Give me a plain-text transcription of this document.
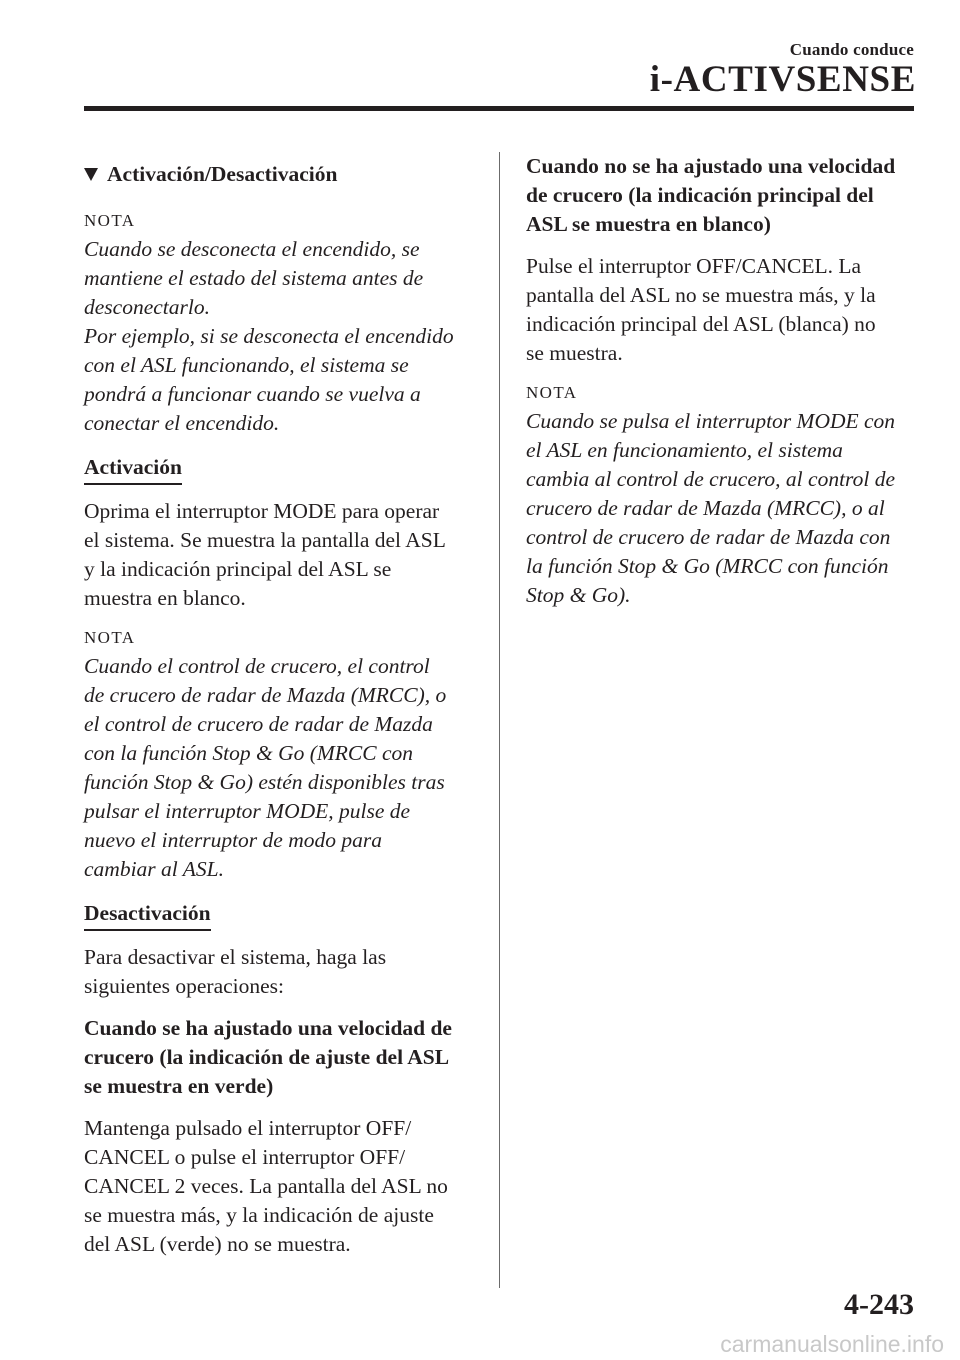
Cuando conduce
i-ACTIVSENSE
Activación/Desactivación
NOTA
Cuando se desconecta el encendido, se
mantiene el estado del sistema antes de
desconectarlo.
Por ejemplo, si se desconecta el encendido
con el ASL funcionando, el sistema se
pondrá a funcionar cuando se vuelva a
conectar el encendido.
Activación
Oprima el interruptor MODE para operar
el sistema. Se muestra la pantalla del ASL
y la indicación principal del ASL se
muestra en blanco.
NOTA
Cuando el control de crucero, el control
de crucero de radar de Mazda (MRCC), o
el control de crucero de radar de Mazda
con la función Stop & Go (MRCC con
función Stop & Go) estén disponibles tras
pulsar el interruptor MODE, pulse de
nuevo el interruptor de modo para
cambiar al ASL.
Desactivación
Para desactivar el sistema, haga las
siguientes operaciones:
Cuando se ha ajustado una velocidad de
crucero (la indicación de ajuste del ASL
se muestra en verde)
Mantenga pulsado el interruptor OFF/
CANCEL o pulse el interruptor OFF/
CANCEL 2 veces. La pantalla del ASL no
se muestra más, y la indicación de ajuste
del ASL (verde) no se muestra.
Cuando no se ha ajustado una velocidad
de crucero (la indicación principal del
ASL se muestra en blanco)
Pulse el interruptor OFF/CANCEL. La
pantalla del ASL no se muestra más, y la
indicación principal del ASL (blanca) no
se muestra.
NOTA
Cuando se pulsa el interruptor MODE con
el ASL en funcionamiento, el sistema
cambia al control de crucero, al control de
crucero de radar de Mazda (MRCC), o al
control de crucero de radar de Mazda con
la función Stop & Go (MRCC con función
Stop & Go).
4-243
carmanualsonline.info
